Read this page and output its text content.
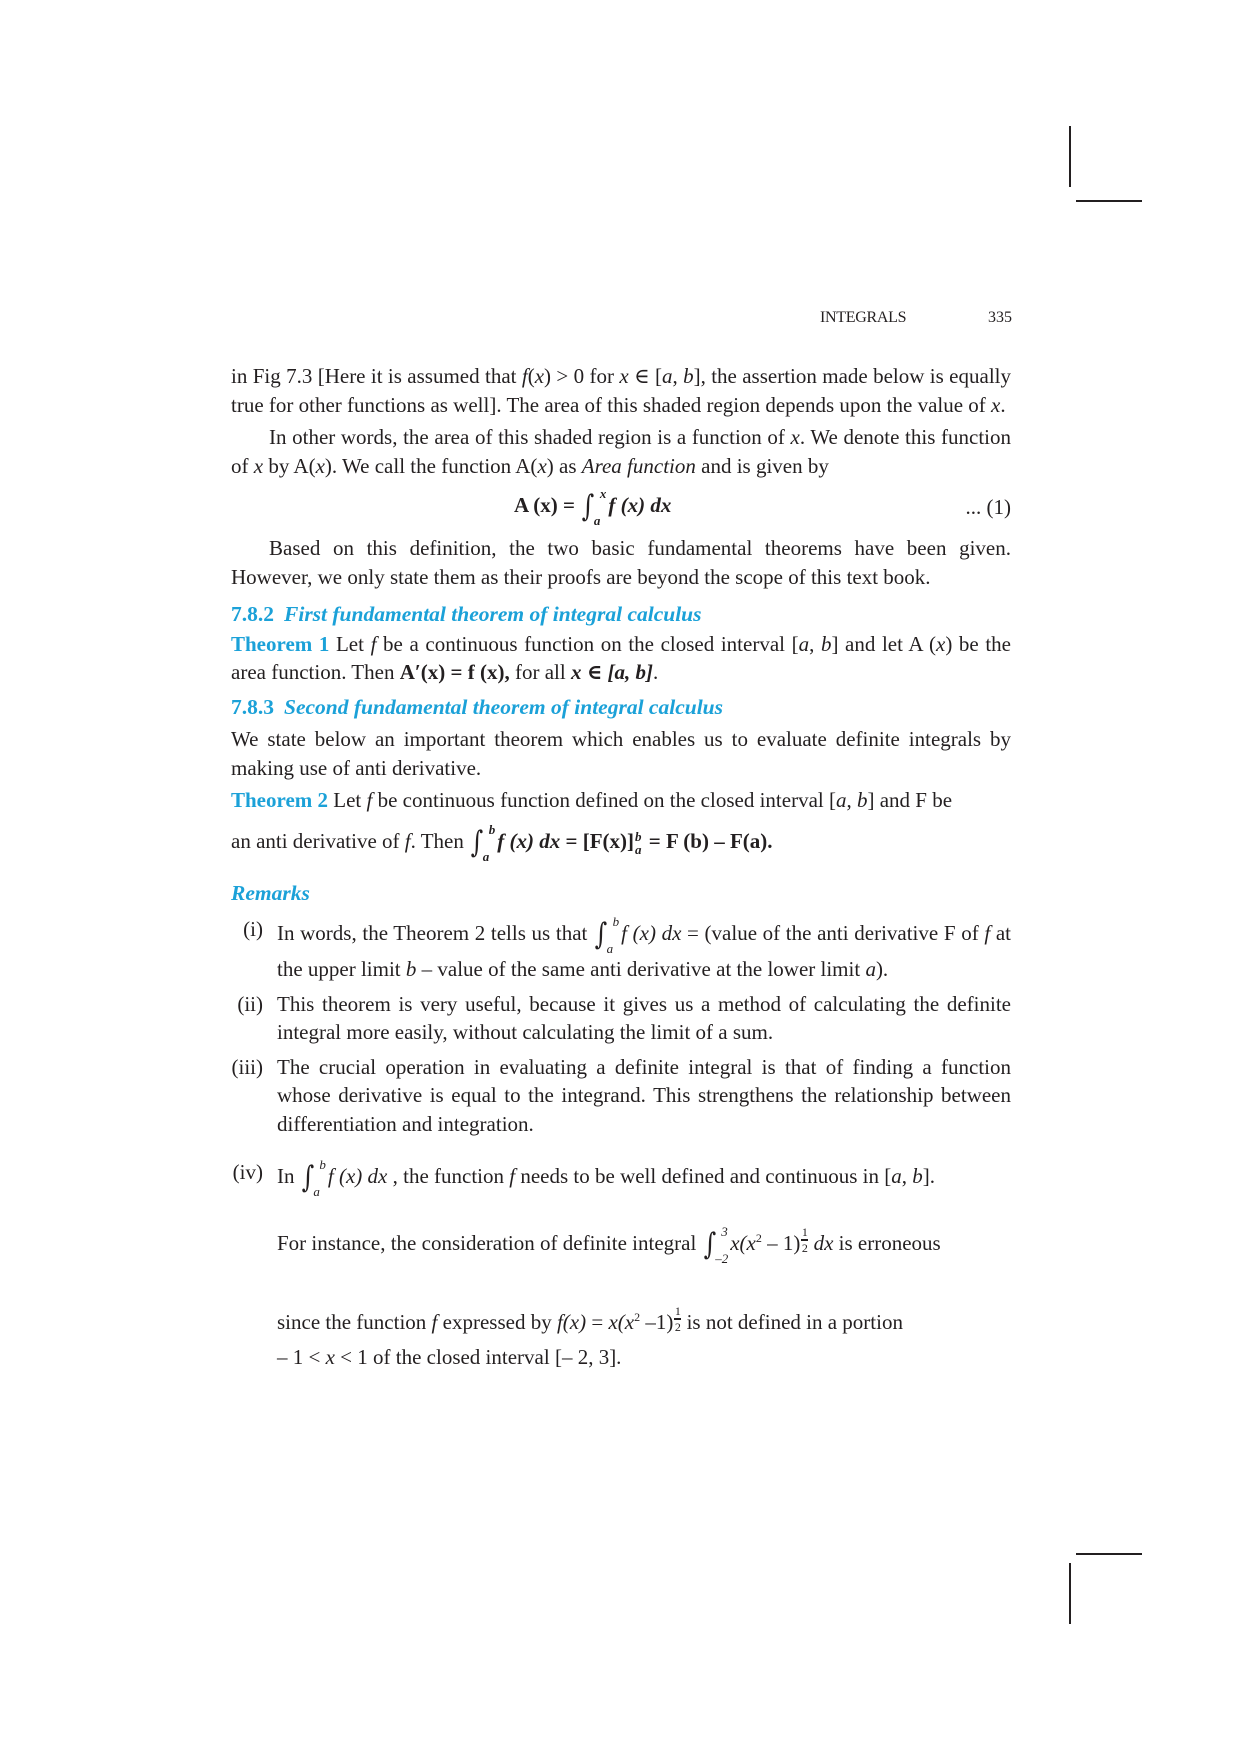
INTEGRALS	335

in Fig 7.3 [Here it is assumed that f(x) > 0 for x ∈ [a, b], the assertion made below is equally true for other functions as well]. The area of this shaded region depends upon the value of x.

In other words, the area of this shaded region is a function of x. We denote this function of x by A(x). We call the function A(x) as Area function and is given by

A (x) = ∫ x
a
f (x) dx	... (1)

Based on this definition, the two basic fundamental theorems have been given. However, we only state them as their proofs are beyond the scope of this text book.

7.8.2 First fundamental theorem of integral calculus

Theorem 1 Let f be a continuous function on the closed interval [a, b] and let A (x) be the area function. Then A′(x) = f (x), for all x ∈ [a, b].

7.8.3 Second fundamental theorem of integral calculus

We state below an important theorem which enables us to evaluate definite integrals by making use of anti derivative.

Theorem 2 Let f be continuous function defined on the closed interval [a, b] and F be

an anti derivative of f. Then ∫ b
a
f (x) dx = [F(x)] b
a = F (b) – F(a).

Remarks

(i) In words, the Theorem 2 tells us that ∫ b
a
f (x) dx = (value of the anti derivative F of f at the upper limit b – value of the same anti derivative at the lower limit a).
(ii) This theorem is very useful, because it gives us a method of calculating the definite integral more easily, without calculating the limit of a sum.
(iii) The crucial operation in evaluating a definite integral is that of finding a function whose derivative is equal to the integrand. This strengthens the relationship between differentiation and integration.
(iv) In ∫ b
a
f (x) dx , the function f needs to be well defined and continuous in [a, b].
For instance, the consideration of definite integral ∫ 3
–2
$x(x^2 - 1) \frac{1}{2}$ dx is erroneous
since the function f expressed by $f(x) = x(x^2$ $-1) \frac{1}{2}$ is not defined in a portion
– 1 < x < 1 of the closed interval [– 2, 3].
